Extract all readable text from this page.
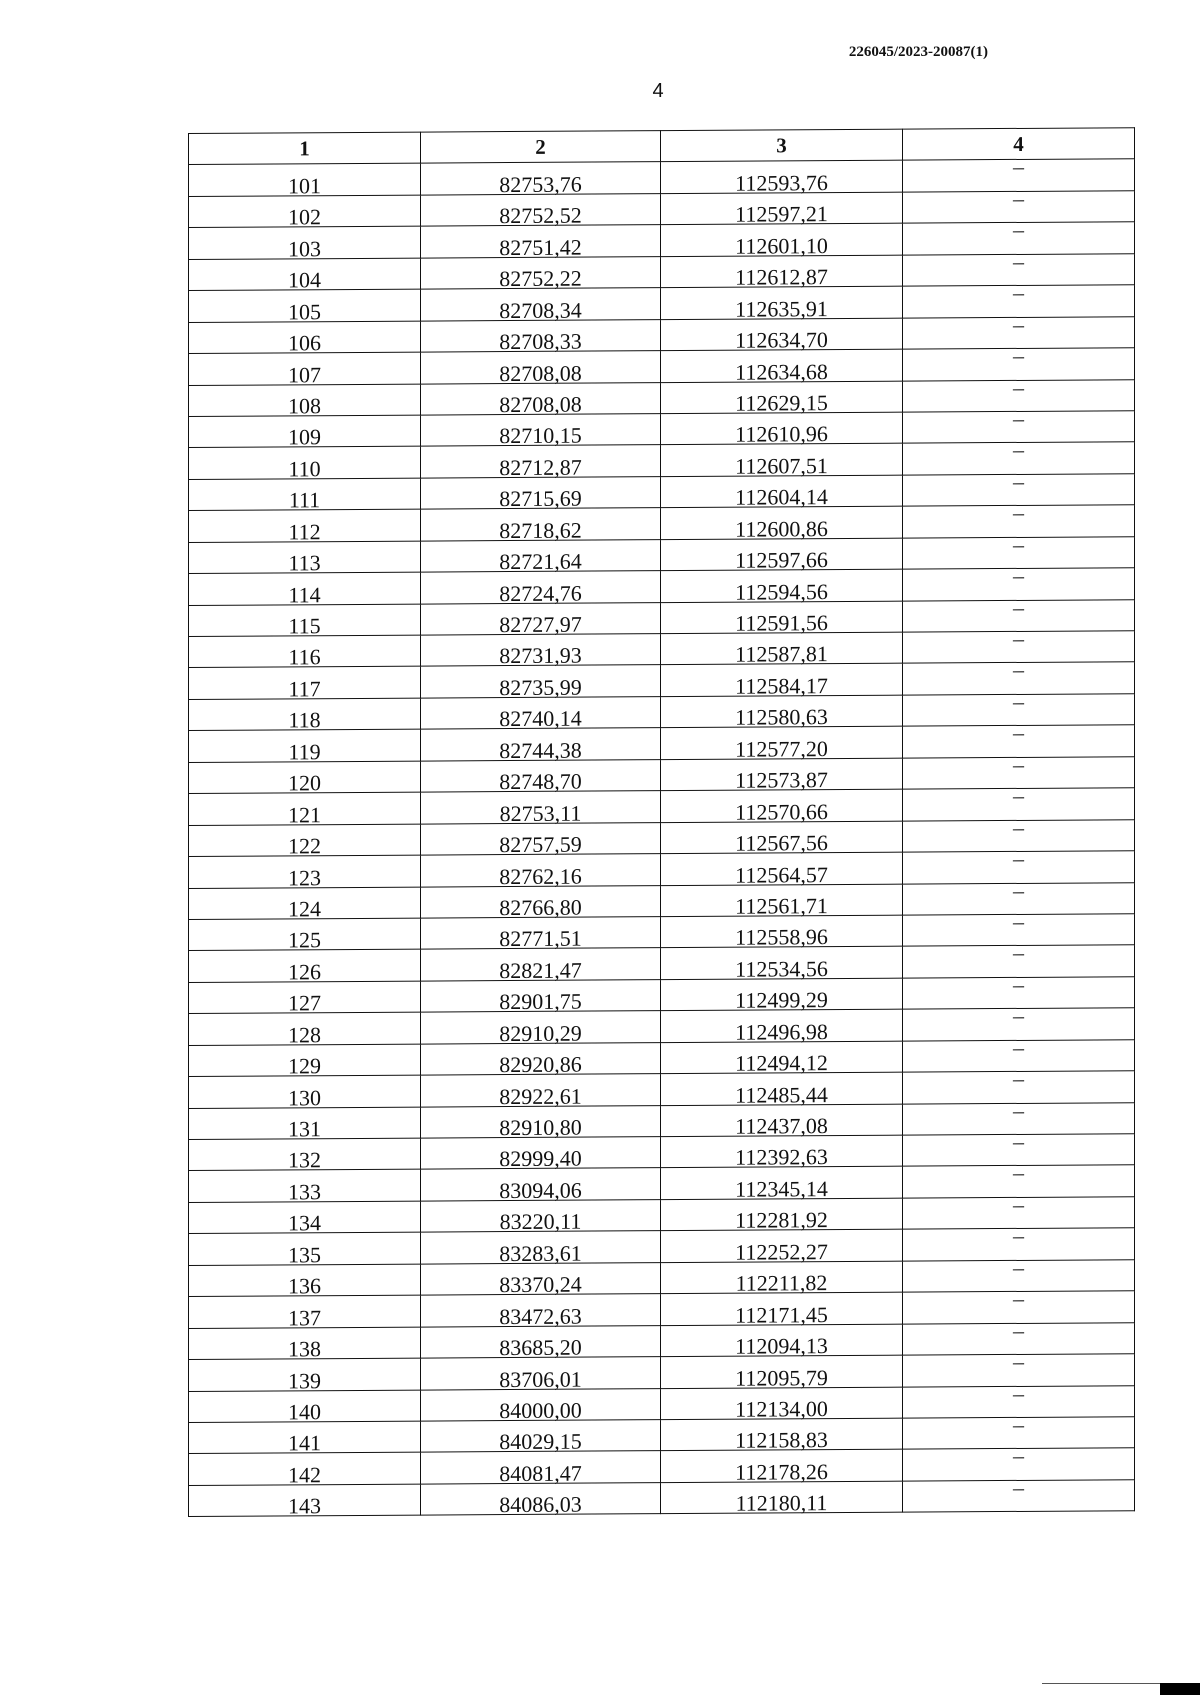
226045/2023-20087(1)
4
1	2	3	4
101	82753,76	112593,76	–
102	82752,52	112597,21	–
103	82751,42	112601,10	–
104	82752,22	112612,87	–
105	82708,34	112635,91	–
106	82708,33	112634,70	–
107	82708,08	112634,68	–
108	82708,08	112629,15	–
109	82710,15	112610,96	–
110	82712,87	112607,51	–
111	82715,69	112604,14	–
112	82718,62	112600,86	–
113	82721,64	112597,66	–
114	82724,76	112594,56	–
115	82727,97	112591,56	–
116	82731,93	112587,81	–
117	82735,99	112584,17	–
118	82740,14	112580,63	–
119	82744,38	112577,20	–
120	82748,70	112573,87	–
121	82753,11	112570,66	–
122	82757,59	112567,56	–
123	82762,16	112564,57	–
124	82766,80	112561,71	–
125	82771,51	112558,96	–
126	82821,47	112534,56	–
127	82901,75	112499,29	–
128	82910,29	112496,98	–
129	82920,86	112494,12	–
130	82922,61	112485,44	–
131	82910,80	112437,08	–
132	82999,40	112392,63	–
133	83094,06	112345,14	–
134	83220,11	112281,92	–
135	83283,61	112252,27	–
136	83370,24	112211,82	–
137	83472,63	112171,45	–
138	83685,20	112094,13	–
139	83706,01	112095,79	–
140	84000,00	112134,00	–
141	84029,15	112158,83	–
142	84081,47	112178,26	–
143	84086,03	112180,11	–
